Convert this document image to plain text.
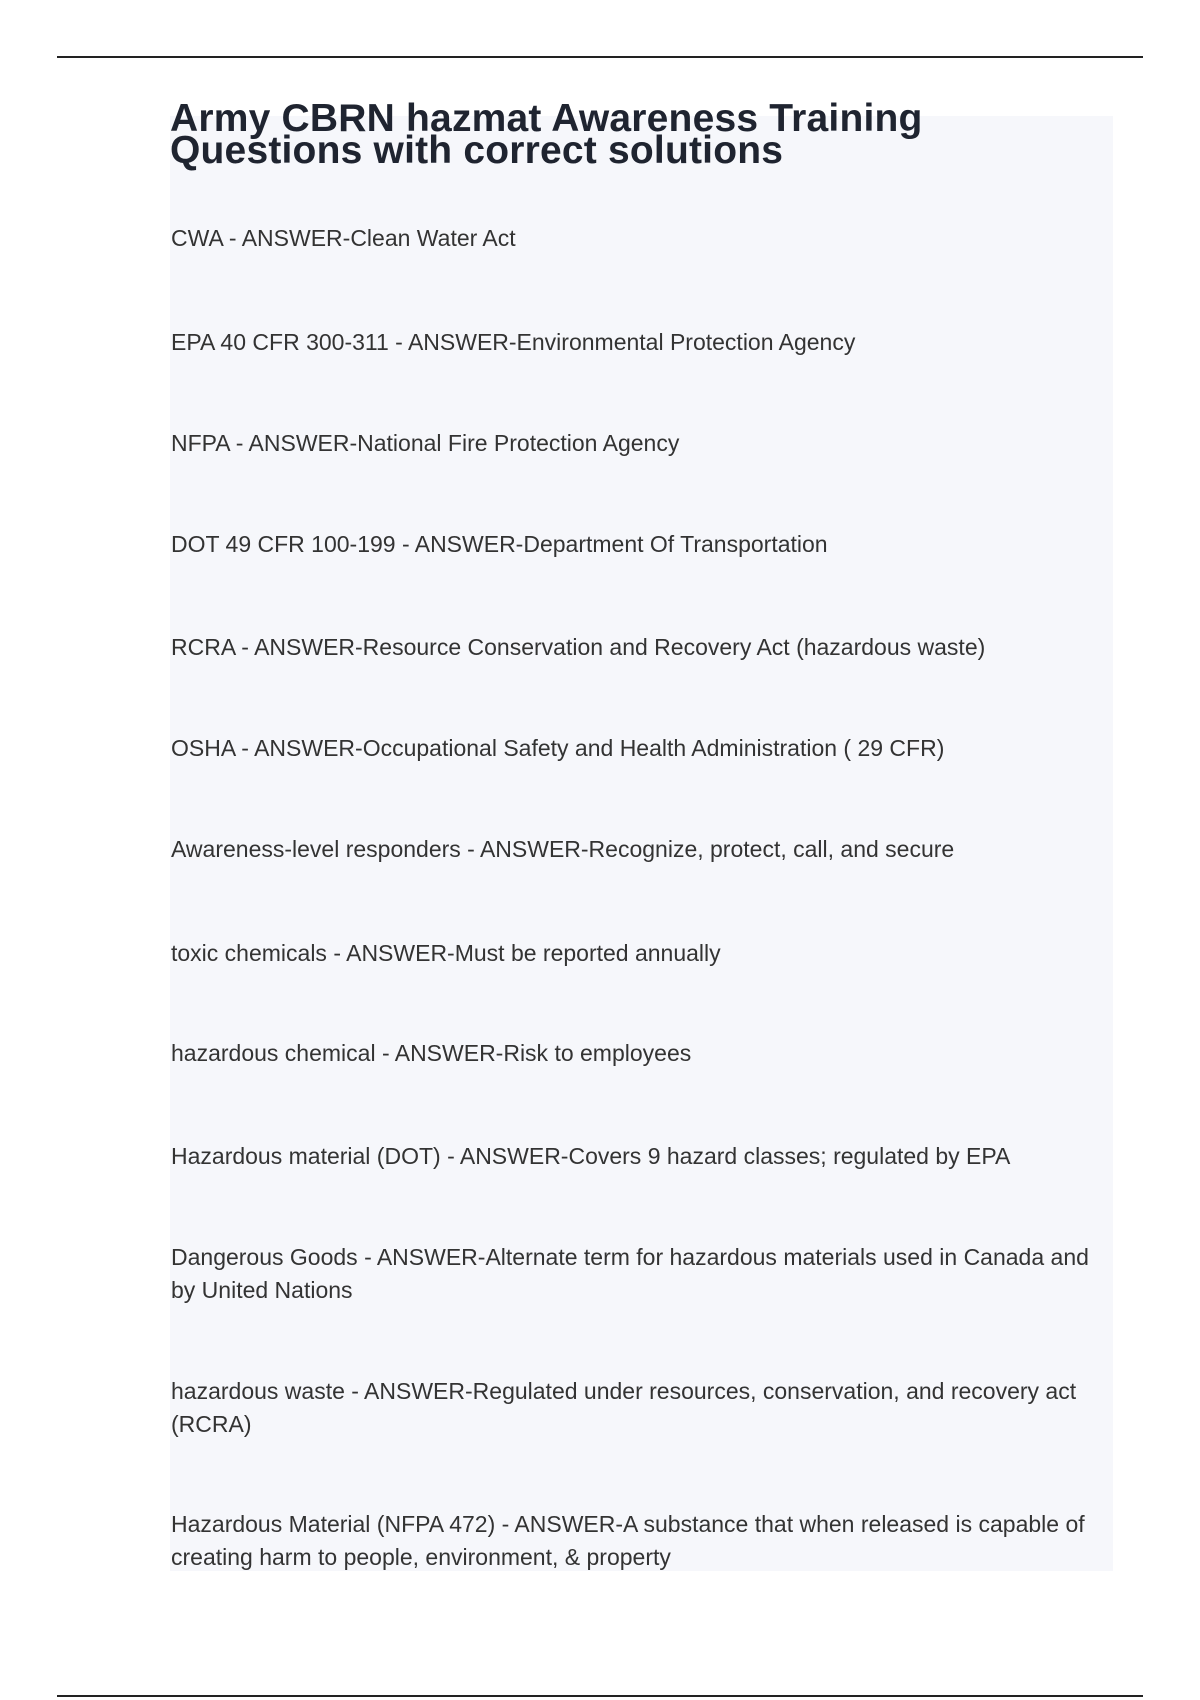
Army CBRN hazmat Awareness Training
Questions with correct solutions

CWA - ANSWER-Clean Water Act

EPA 40 CFR 300-311 - ANSWER-Environmental Protection Agency

NFPA - ANSWER-National Fire Protection Agency

DOT 49 CFR 100-199 - ANSWER-Department Of Transportation

RCRA - ANSWER-Resource Conservation and Recovery Act (hazardous waste)

OSHA - ANSWER-Occupational Safety and Health Administration ( 29 CFR)

Awareness-level responders - ANSWER-Recognize, protect, call, and secure

toxic chemicals - ANSWER-Must be reported annually

hazardous chemical - ANSWER-Risk to employees

Hazardous material (DOT) - ANSWER-Covers 9 hazard classes; regulated by EPA

Dangerous Goods - ANSWER-Alternate term for hazardous materials used in Canada and by United Nations

hazardous waste - ANSWER-Regulated under resources, conservation, and recovery act (RCRA)

Hazardous Material (NFPA 472) - ANSWER-A substance that when released is capable of creating harm to people, environment, & property
